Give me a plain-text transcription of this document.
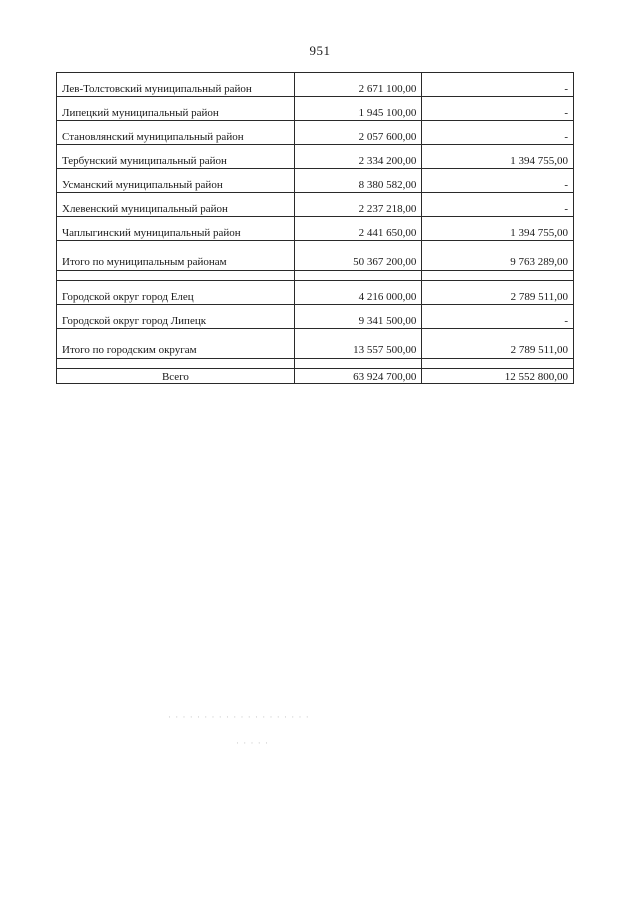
951
Лев-Толстовский муниципальный район	2 671 100,00	-
Липецкий муниципальный район	1 945 100,00	-
Становлянский муниципальный район	2 057 600,00	-
Тербунский муниципальный район	2 334 200,00	1 394 755,00
Усманский муниципальный район	8 380 582,00	-
Хлевенский муниципальный район	2 237 218,00	-
Чаплыгинский муниципальный район	2 441 650,00	1 394 755,00
Итого по муниципальным районам	50 367 200,00	9 763 289,00

Городской округ город Елец	4 216 000,00	2 789 511,00
Городской округ город Липецк	9 341 500,00	-
Итого по городским округам	13 557 500,00	2 789 511,00

Всего	63 924 700,00	12 552 800,00
· · · · · · · · · · · · · · · · · · · ·
· · · · ·
